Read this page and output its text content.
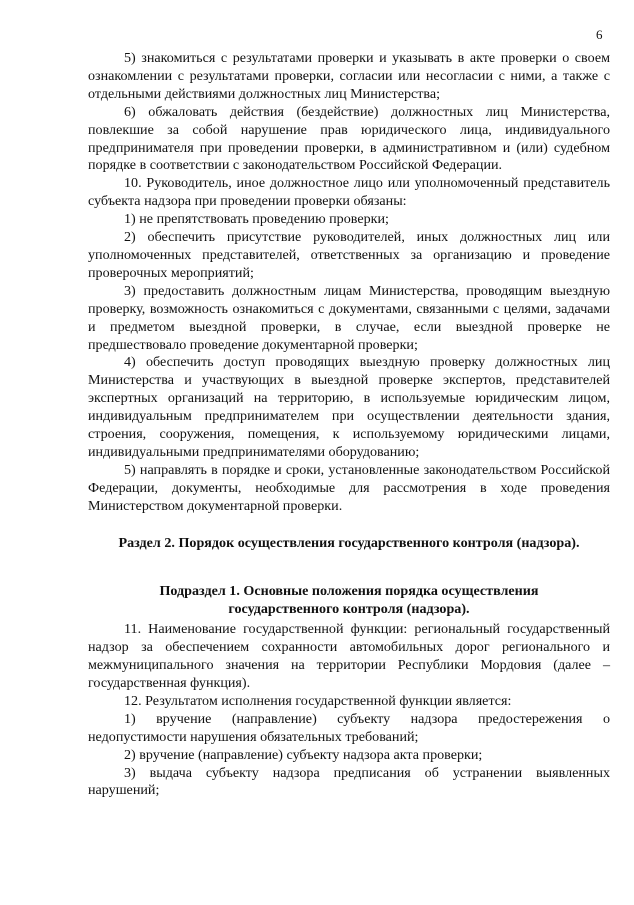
6

5) знакомиться с результатами проверки и указывать в акте проверки о своем ознакомлении с результатами проверки, согласии или несогласии с ними, а также с отдельными действиями должностных лиц Министерства;

6) обжаловать действия (бездействие) должностных лиц Министерства, повлекшие за собой нарушение прав юридического лица, индивидуального предпринимателя при проведении проверки, в административном и (или) судебном порядке в соответствии с законодательством Российской Федерации.

10. Руководитель, иное должностное лицо или уполномоченный представитель субъекта надзора при проведении проверки обязаны:

1) не препятствовать проведению проверки;

2) обеспечить присутствие руководителей, иных должностных лиц или уполномоченных представителей, ответственных за организацию и проведение проверочных мероприятий;

3) предоставить должностным лицам Министерства, проводящим выездную проверку, возможность ознакомиться с документами, связанными с целями, задачами и предметом выездной проверки, в случае, если выездной проверке не предшествовало проведение документарной проверки;

4) обеспечить доступ проводящих выездную проверку должностных лиц Министерства и участвующих в выездной проверке экспертов, представителей экспертных организаций на территорию, в используемые юридическим лицом, индивидуальным предпринимателем при осуществлении деятельности здания, строения, сооружения, помещения, к используемому юридическими лицами, индивидуальными предпринимателями оборудованию;

5) направлять в порядке и сроки, установленные законодательством Российской Федерации, документы, необходимые для рассмотрения в ходе проведения Министерством документарной проверки.

Раздел 2. Порядок осуществления государственного контроля (надзора).

Подраздел 1. Основные положения порядка осуществления государственного контроля (надзора).

11. Наименование государственной функции: региональный государственный надзор за обеспечением сохранности автомобильных дорог регионального и межмуниципального значения на территории Республики Мордовия (далее – государственная функция).

12. Результатом исполнения государственной функции является:

1) вручение (направление) субъекту надзора предостережения о недопустимости нарушения обязательных требований;

2) вручение (направление) субъекту надзора акта проверки;

3) выдача субъекту надзора предписания об устранении выявленных нарушений;
